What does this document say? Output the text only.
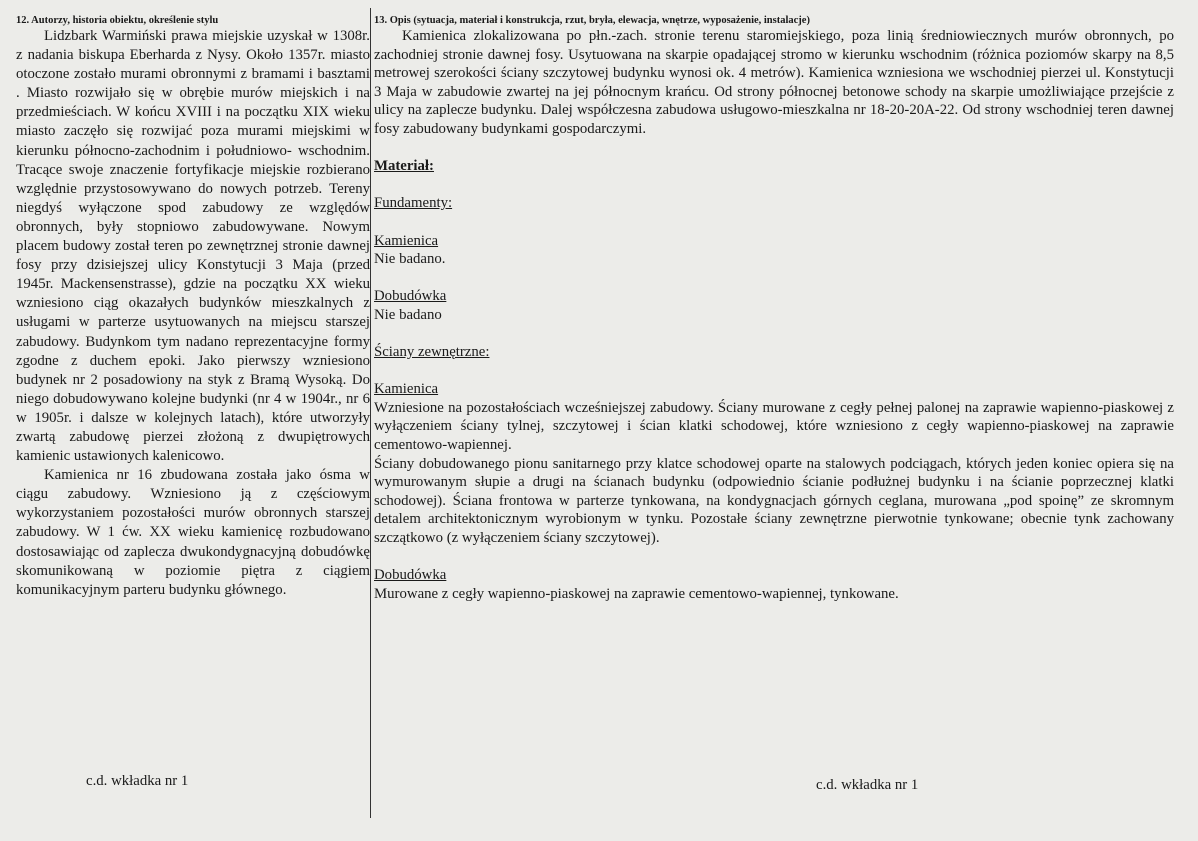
12. Autorzy, historia obiektu, określenie stylu

Lidzbark Warmiński prawa miejskie uzyskał w 1308r. z nadania biskupa Eberharda z Nysy. Około 1357r. miasto otoczone zostało murami obronnymi z bramami i basztami . Miasto rozwijało się w obrębie murów miejskich i na przedmieściach. W końcu XVIII i na początku XIX wieku miasto zaczęło się rozwijać poza murami miejskimi w kierunku północno-zachodnim i południowo- wschodnim. Tracące swoje znaczenie fortyfikacje miejskie rozbierano względnie przystosowywano do nowych potrzeb. Tereny niegdyś wyłączone spod zabudowy ze względów obronnych, były stopniowo zabudowywane. Nowym placem budowy został teren po zewnętrznej stronie dawnej fosy przy dzisiejszej ulicy Konstytucji 3 Maja (przed 1945r. Mackensenstrasse), gdzie na początku XX wieku wzniesiono ciąg okazałych budynków mieszkalnych z usługami w parterze usytuowanych na miejscu starszej zabudowy. Budynkom tym nadano reprezentacyjne formy zgodne z duchem epoki. Jako pierwszy wzniesiono budynek nr 2 posadowiony na styk z Bramą Wysoką. Do niego dobudowywano kolejne budynki (nr 4 w 1904r., nr 6 w 1905r. i dalsze w kolejnych latach), które utworzyły zwartą zabudowę pierzei złożoną z dwupiętrowych kamienic ustawionych kalenicowo.

Kamienica nr 16 zbudowana została jako ósma w ciągu zabudowy. Wzniesiono ją z częściowym wykorzystaniem pozostałości murów obronnych starszej zabudowy. W 1 ćw. XX wieku kamienicę rozbudowano dostosawiając od zaplecza dwukondygnacyjną dobudówkę skomunikowaną w poziomie piętra z ciągiem komunikacyjnym parteru budynku głównego.

c.d. wkładka nr 1
13. Opis (sytuacja, materiał i konstrukcja, rzut, bryła, elewacja, wnętrze, wyposażenie, instalacje)

Kamienica zlokalizowana po płn.-zach. stronie terenu staromiejskiego, poza linią średniowiecznych murów obronnych, po zachodniej stronie dawnej fosy. Usytuowana na skarpie opadającej stromo w kierunku wschodnim (różnica poziomów skarpy na 8,5 metrowej szerokości ściany szczytowej budynku wynosi ok. 4 metrów). Kamienica wzniesiona we wschodniej pierzei ul. Konstytucji 3 Maja w zabudowie zwartej na jej północnym krańcu. Od strony północnej betonowe schody na skarpie umożliwiające przejście z ulicy na zaplecze budynku. Dalej współczesna zabudowa usługowo-mieszkalna nr 18-20-20A-22. Od strony wschodniej teren dawnej fosy zabudowany budynkami gospodarczymi.

Materiał:

Fundamenty:

Kamienica

Nie badano.

Dobudówka

Nie badano

Ściany zewnętrzne:

Kamienica

Wzniesione na pozostałościach wcześniejszej zabudowy. Ściany murowane z cegły pełnej palonej na zaprawie wapienno-piaskowej z wyłączeniem ściany tylnej, szczytowej i ścian klatki schodowej, które wzniesiono z cegły wapienno-piaskowej na zaprawie cementowo-wapiennej.

Ściany dobudowanego pionu sanitarnego przy klatce schodowej oparte na stalowych podciągach, których jeden koniec opiera się na wymurowanym słupie a drugi na ścianach budynku (odpowiednio ścianie podłużnej budynku i na ścianie poprzecznej klatki schodowej). Ściana frontowa w parterze tynkowana, na kondygnacjach górnych ceglana, murowana „pod spoinę” ze skromnym detalem architektonicznym wyrobionym w tynku. Pozostałe ściany zewnętrzne pierwotnie tynkowane; obecnie tynk zachowany szczątkowo (z wyłączeniem ściany szczytowej).

Dobudówka

Murowane z cegły wapienno-piaskowej na zaprawie cementowo-wapiennej, tynkowane.

c.d. wkładka nr 1
